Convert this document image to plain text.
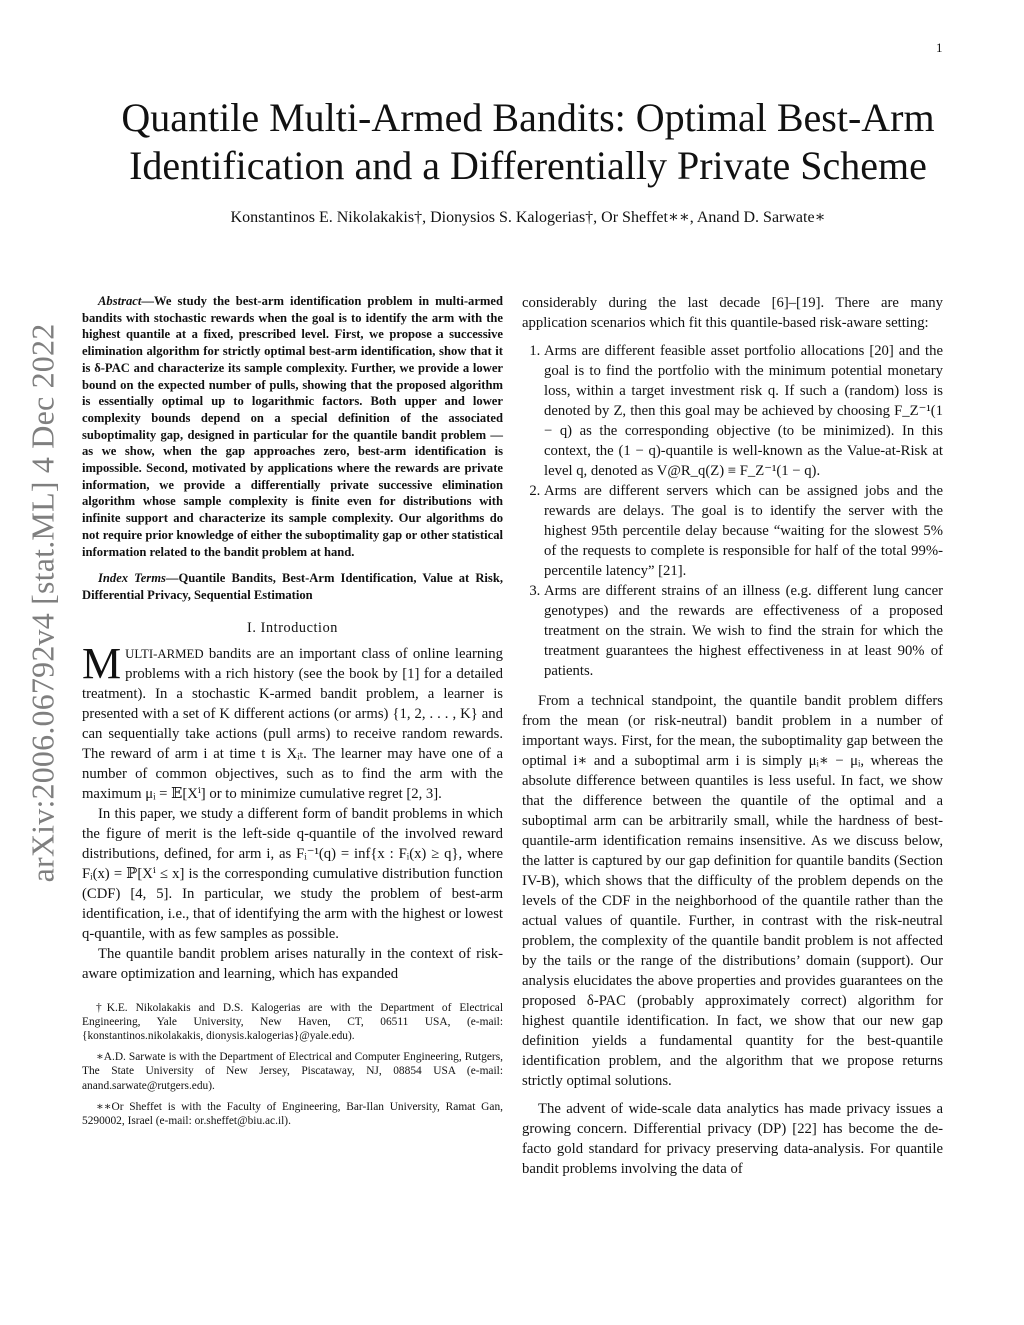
1
arXiv:2006.06792v4 [stat.ML] 4 Dec 2022
Quantile Multi-Armed Bandits: Optimal Best-Arm
Identification and a Differentially Private Scheme

Konstantinos E. Nikolakakis†, Dionysios S. Kalogerias†, Or Sheffet∗∗, Anand D. Sarwate∗

Abstract—We study the best-arm identification problem in multi-armed bandits with stochastic rewards when the goal is to identify the arm with the highest quantile at a fixed, prescribed level. First, we propose a successive elimination algorithm for strictly optimal best-arm identification, show that it is δ-PAC and characterize its sample complexity. Further, we provide a lower bound on the expected number of pulls, showing that the proposed algorithm is essentially optimal up to logarithmic factors. Both upper and lower complexity bounds depend on a special definition of the associated suboptimality gap, designed in particular for the quantile bandit problem — as we show, when the gap approaches zero, best-arm identification is impossible. Second, motivated by applications where the rewards are private information, we provide a differentially private successive elimination algorithm whose sample complexity is finite even for distributions with infinite support and characterize its sample complexity. Our algorithms do not require prior knowledge of either the suboptimality gap or other statistical information related to the bandit problem at hand.

Index Terms—Quantile Bandits, Best-Arm Identification, Value at Risk, Differential Privacy, Sequential Estimation

I. Introduction

MULTI-ARMED bandits are an important class of online learning problems with a rich history (see the book by [1] for a detailed treatment). In a stochastic K-armed bandit problem, a learner is presented with a set of K different actions (or arms) {1, 2, . . . , K} and can sequentially take actions (pull arms) to receive random rewards. The reward of arm i at time t is Xᵢₜ. The learner may have one of a number of common objectives, such as to find the arm with the maximum μᵢ = 𝔼[Xⁱ] or to minimize cumulative regret [2, 3].

In this paper, we study a different form of bandit problems in which the figure of merit is the left-side q-quantile of the involved reward distributions, defined, for arm i, as Fᵢ⁻¹(q) = inf{x : Fᵢ(x) ≥ q}, where Fᵢ(x) = ℙ[Xⁱ ≤ x] is the corresponding cumulative distribution function (CDF) [4, 5]. In particular, we study the problem of best-arm identification, i.e., that of identifying the arm with the highest or lowest q-quantile, with as few samples as possible.

The quantile bandit problem arises naturally in the context of risk-aware optimization and learning, which has expanded

†K.E. Nikolakakis and D.S. Kalogerias are with the Department of Electrical Engineering, Yale University, New Haven, CT, 06511 USA, (e-mail: {konstantinos.nikolakakis, dionysis.kalogerias}@yale.edu).

∗A.D. Sarwate is with the Department of Electrical and Computer Engineering, Rutgers, The State University of New Jersey, Piscataway, NJ, 08854 USA (e-mail: anand.sarwate@rutgers.edu).

∗∗Or Sheffet is with the Faculty of Engineering, Bar-Ilan University, Ramat Gan, 5290002, Israel (e-mail: or.sheffet@biu.ac.il).

considerably during the last decade [6]–[19]. There are many application scenarios which fit this quantile-based risk-aware setting:

1. Arms are different feasible asset portfolio allocations [20] and the goal is to find the portfolio with the minimum potential monetary loss, within a target investment risk q. If such a (random) loss is denoted by Z, then this goal may be achieved by choosing F_Z⁻¹(1 − q) as the corresponding objective (to be minimized). In this context, the (1 − q)-quantile is well-known as the Value-at-Risk at level q, denoted as V@R_q(Z) ≡ F_Z⁻¹(1 − q).
2. Arms are different servers which can be assigned jobs and the rewards are delays. The goal is to identify the server with the highest 95th percentile delay because “waiting for the slowest 5% of the requests to complete is responsible for half of the total 99%-percentile latency” [21].
3. Arms are different strains of an illness (e.g. different lung cancer genotypes) and the rewards are effectiveness of a proposed treatment on the strain. We wish to find the strain for which the treatment guarantees the highest effectiveness in at least 90% of patients.

From a technical standpoint, the quantile bandit problem differs from the mean (or risk-neutral) bandit problem in a number of important ways. First, for the mean, the suboptimality gap between the optimal i∗ and a suboptimal arm i is simply μᵢ∗ − μᵢ, whereas the absolute difference between quantiles is less useful. In fact, we show that the difference between the quantile of the optimal and a suboptimal arm can be arbitrarily small, while the hardness of best-quantile-arm identification remains insensitive. As we discuss below, the latter is captured by our gap definition for quantile bandits (Section IV-B), which shows that the difficulty of the problem depends on the levels of the CDF in the neighborhood of the quantile rather than the actual values of quantile. Further, in contrast with the risk-neutral problem, the complexity of the quantile bandit problem is not affected by the tails or the range of the distributions’ domain (support). Our analysis elucidates the above properties and provides guarantees on the proposed δ-PAC (probably approximately correct) algorithm for highest quantile identification. In fact, we show that our new gap definition yields a fundamental quantity for the best-quantile identification problem, and the algorithm that we propose returns strictly optimal solutions.

The advent of wide-scale data analytics has made privacy issues a growing concern. Differential privacy (DP) [22] has become the de-facto gold standard for privacy preserving data-analysis. For quantile bandit problems involving the data of
